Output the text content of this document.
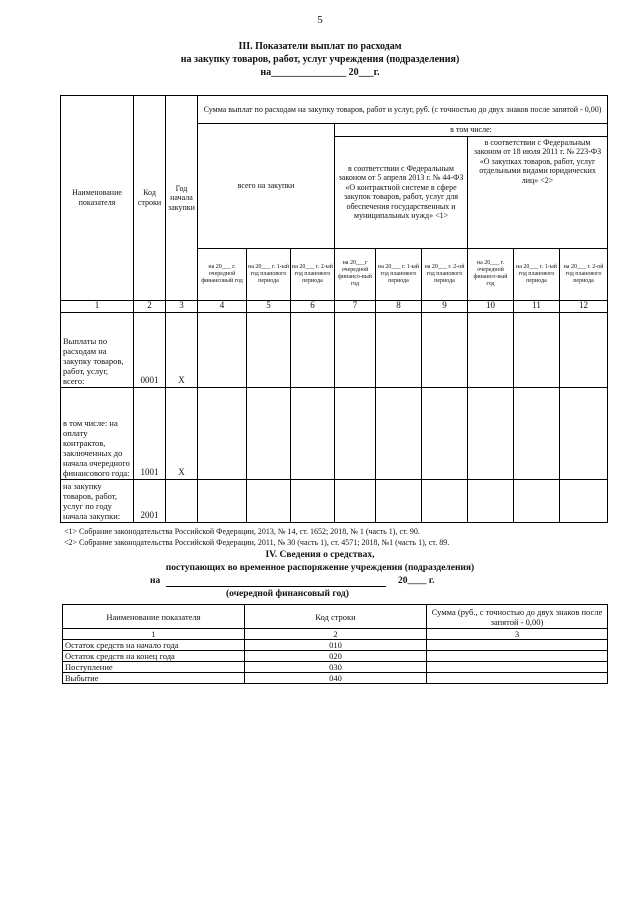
5
III. Показатели выплат по расходам
на закупку товаров, работ, услуг учреждения (подразделения)
на_______________ 20___г.
Наименование показателя	Код строки	Год начала закупки	Сумма выплат по расходам на закупку товаров, работ и услуг, руб. (с точностью до двух знаков после запятой - 0,00)								
			всего на закупки			в том числе:					
						в соответствии с Федеральным законом от 5 апреля 2013 г. № 44-ФЗ «О контрактной системе в сфере закупок товаров, работ, услуг для обеспечения государственных и муниципальных нужд» <1>			в соответствии с Федеральным законом от 18 июля 2011 г. № 223-ФЗ «О закупках товаров, работ, услуг отдельными видами юридических лиц» <2>		
			на 20___ г. очередной финансовый год	на 20___ г. 1-ый год планового периода	на 20___ г. 2-ый год планового периода	на 20___г очередной финансо-вый год	на 20___ г. 1-ый год планового периода	на 20___ г. 2-ой год планового периода	на 20___ г. очередной финансо-вый год	на 20___ г. 1-ый год планового периода	на 20___ г. 2-ой год планового периода
1	2	3	4	5	6	7	8	9	10	11	12
Выплаты по расходам на закупку товаров, работ, услуг, всего:	0001	X									
в том числе: на оплату контрактов, заключенных до начала очередного финансового года:	1001	X									
на закупку товаров, работ, услуг по году начала закупки:	2001										
<1> Собрание законодательства Российской Федерации, 2013, № 14, ст. 1652; 2018, № 1 (часть 1), ст. 90.
<2> Собрание законодательства Российской Федерации, 2011, № 30 (часть 1), ст. 4571; 2018, №1 (часть 1), ст. 89.
IV. Сведения о средствах,
поступающих во временное распоряжение учреждения (подразделения)
на	20____ г.
(очередной финансовый год)
Наименование показателя	Код строки	Сумма (руб., с точностью до двух знаков после запятой - 0,00)
1	2	3
Остаток средств на начало года	010	
Остаток средств на конец года	020	
Поступление	030	
Выбытие	040	
